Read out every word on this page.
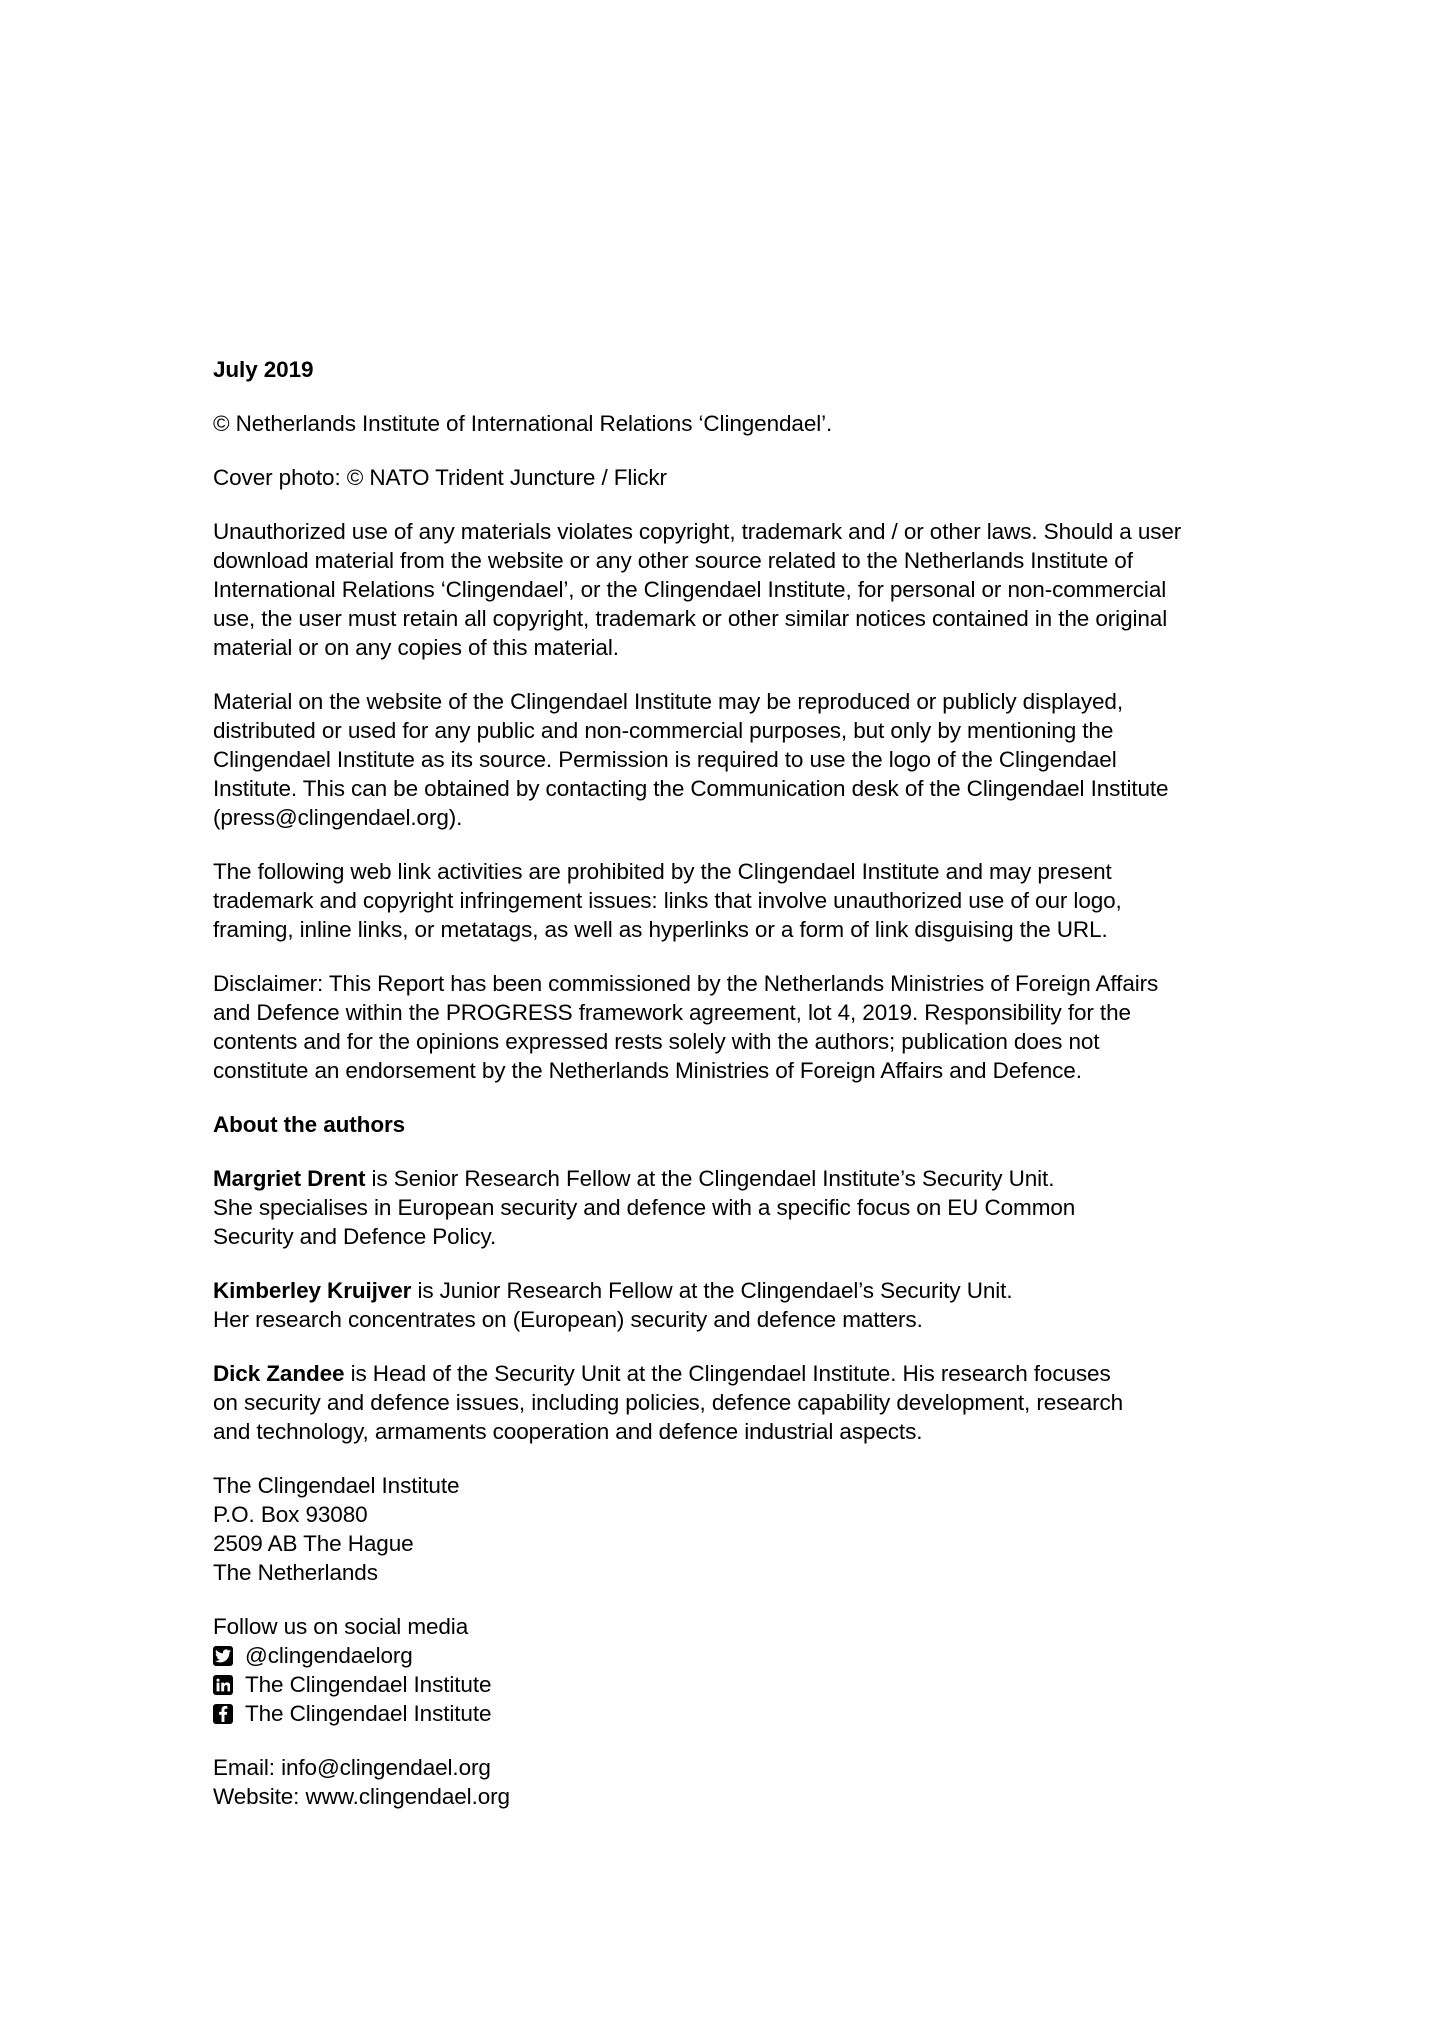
July 2019
© Netherlands Institute of International Relations ‘Clingendael’.
Cover photo: © NATO Trident Juncture / Flickr
Unauthorized use of any materials violates copyright, trademark and / or other laws. Should a user
download material from the website or any other source related to the Netherlands Institute of
International Relations ‘Clingendael’, or the Clingendael Institute, for personal or non-commercial
use, the user must retain all copyright, trademark or other similar notices contained in the original
material or on any copies of this material.
Material on the website of the Clingendael Institute may be reproduced or publicly displayed,
distributed or used for any public and non-commercial purposes, but only by mentioning the
Clingendael Institute as its source. Permission is required to use the logo of the Clingendael
Institute. This can be obtained by contacting the Communication desk of the Clingendael Institute
(press@clingendael.org).
The following web link activities are prohibited by the Clingendael Institute and may present
trademark and copyright infringement issues: links that involve unauthorized use of our logo,
framing, inline links, or metatags, as well as hyperlinks or a form of link disguising the URL.
Disclaimer: This Report has been commissioned by the Netherlands Ministries of Foreign Affairs
and Defence within the PROGRESS framework agreement, lot 4, 2019. Responsibility for the
contents and for the opinions expressed rests solely with the authors; publication does not
constitute an endorsement by the Netherlands Ministries of Foreign Affairs and Defence.
About the authors
Margriet Drent is Senior Research Fellow at the Clingendael Institute’s Security Unit.
She specialises in European security and defence with a specific focus on EU Common
Security and Defence Policy.
Kimberley Kruijver is Junior Research Fellow at the Clingendael’s Security Unit.
Her research concentrates on (European) security and defence matters.
Dick Zandee is Head of the Security Unit at the Clingendael Institute. His research focuses
on security and defence issues, including policies, defence capability development, research
and technology, armaments cooperation and defence industrial aspects.
The Clingendael Institute
P.O. Box 93080
2509 AB The Hague
The Netherlands
Follow us on social media
@clingendaelorg
The Clingendael Institute
The Clingendael Institute
Email: info@clingendael.org
Website: www.clingendael.org
